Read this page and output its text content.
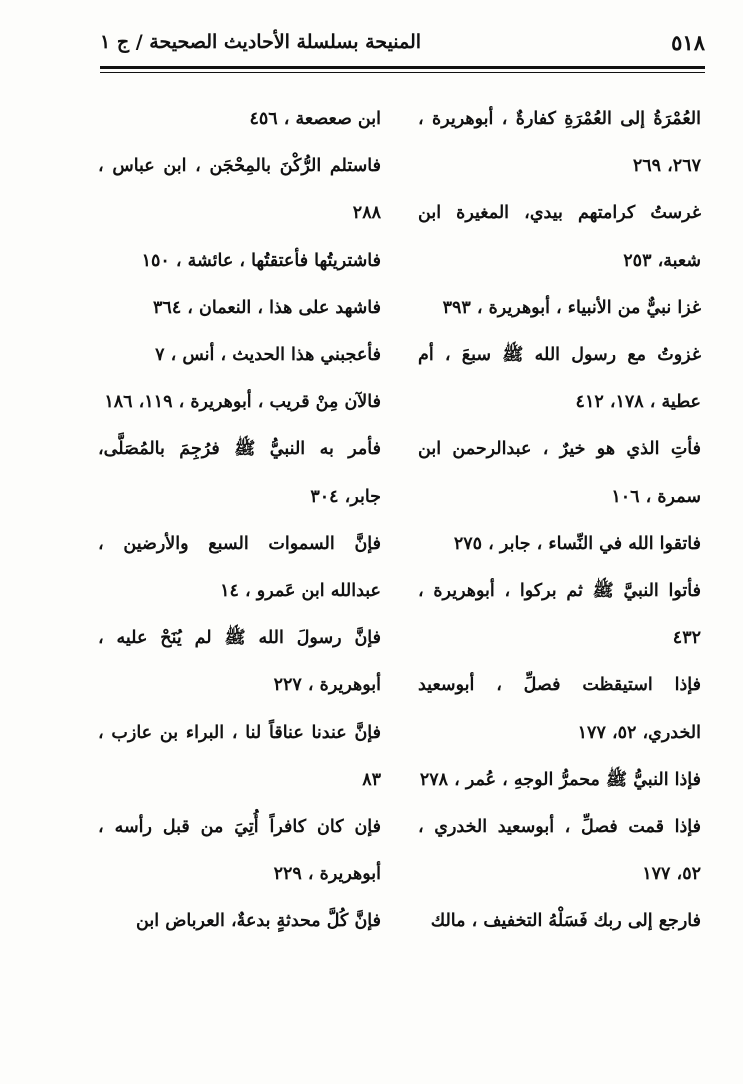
٥١٨
المنيحة بسلسلة الأحاديث الصحيحة / ج ١

العُمْرَةُ إلى العُمْرَةِ كفارةٌ ، أبوهريرة ، ٢٦٧، ٢٦٩

غرستُ كرامتهم بيدي، المغيرة ابن شعبة، ٢٥٣

غزا نبيٌّ من الأنبياء ، أبوهريرة ، ٣٩٣

غزوتُ مع رسول الله ﷺ سبعَ ، أم عطية ، ١٧٨، ٤١٢

فأتِ الذي هو خيرٌ ، عبدالرحمن ابن سمرة ، ١٠٦

فاتقوا الله في النِّساء ، جابر ، ٢٧٥

فأتوا النبيَّ ﷺ ثم بركوا ، أبوهريرة ، ٤٣٢

فإذا استيقظت فصلِّ ، أبوسعيد الخدري، ٥٢، ١٧٧

فإذا النبيُّ ﷺ محمرُّ الوجهِ ، عُمر ، ٢٧٨

فإذا قمت فصلِّ ، أبوسعيد الخدري ، ٥٢، ١٧٧

فارجع إلى ربك فَسَلْهُ التخفيف ، مالك

ابن صعصعة ، ٤٥٦

فاستلم الرُّكْنَ بالمِحْجَن ، ابن عباس ، ٢٨٨

فاشتريتُها فأعتقتُها ، عائشة ، ١٥٠

فاشهد على هذا ، النعمان ، ٣٦٤

فأعجبني هذا الحديث ، أنس ، ٧

فالآن مِنْ قريب ، أبوهريرة ، ١١٩، ١٨٦

فأمر به النبيُّ ﷺ فرُجِمَ بالمُصَلَّى، جابر، ٣٠٤

فإنَّ السموات السبع والأرضين ، عبدالله ابن عَمرو ، ١٤

فإنَّ رسولَ الله ﷺ لم يُنَحْ عليه ، أبوهريرة ، ٢٢٧

فإنَّ عندنا عناقاً لنا ، البراء بن عازب ، ٨٣

فإن كان كافراً أُتِيَ من قبل رأسه ، أبوهريرة ، ٢٢٩

فإنَّ كُلَّ محدثةٍ بدعةٌ، العرباض ابن
